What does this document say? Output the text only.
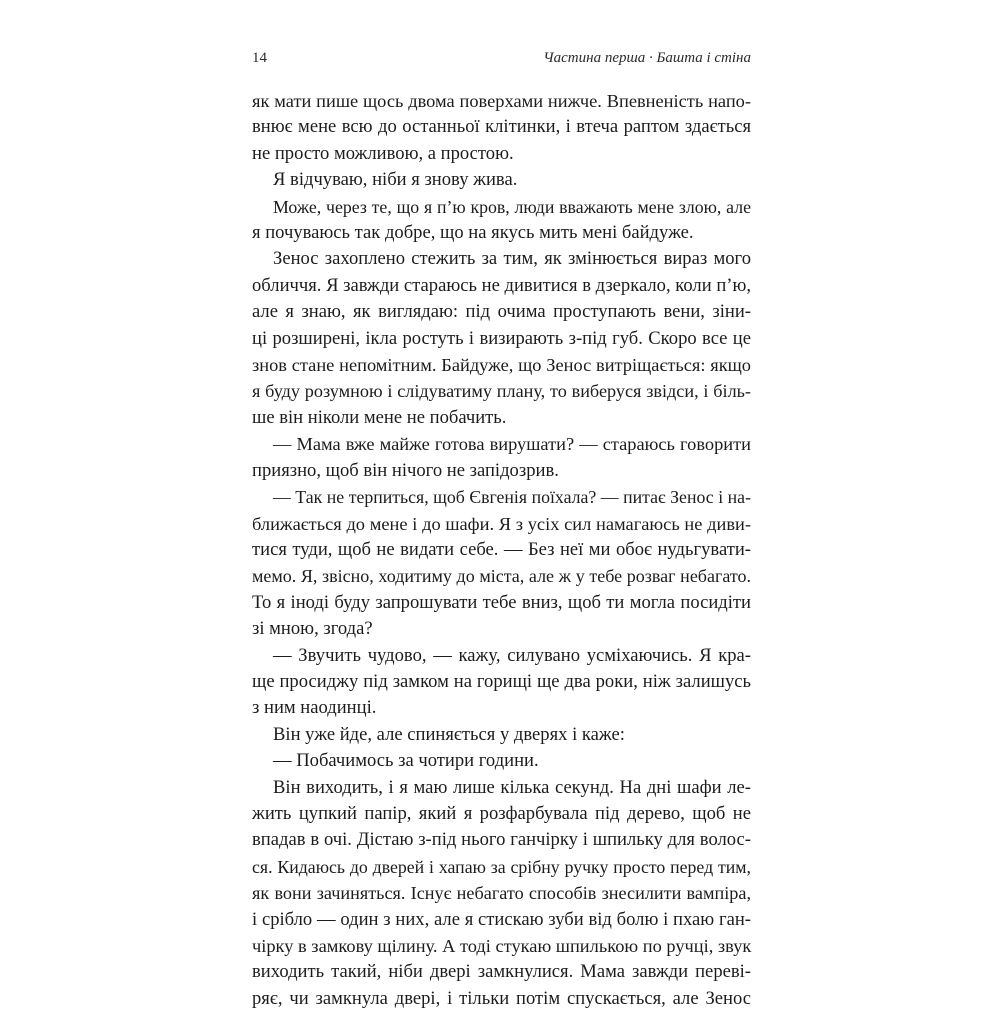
14	Частина перша · Башта і стіна

як мати пише щось двома поверхами нижче. Впевненість напо-

внює мене всю до останньої клітинки, і втеча раптом здається

не просто можливою, а простою.

Я відчуваю, ніби я знову жива.

Може, через те, що я п’ю кров, люди вважають мене злою, але

я почуваюсь так добре, що на якусь мить мені байдуже.

Зенос захоплено стежить за тим, як змінюється вираз мого

обличчя. Я завжди стараюсь не дивитися в дзеркало, коли п’ю,

але я знаю, як виглядаю: під очима проступають вени, зіни-

ці розширені, ікла ростуть і визирають з-під губ. Скоро все це

знов стане непомітним. Байдуже, що Зенос витріщається: якщо

я буду розумною і слідуватиму плану, то виберуся звідси, і біль-

ше він ніколи мене не побачить.

— Мама вже майже готова вирушати? — стараюсь говорити

приязно, щоб він нічого не запідозрив.

— Так не терпиться, щоб Євгенія поїхала? — питає Зенос і на-

ближається до мене і до шафи. Я з усіх сил намагаюсь не диви-

тися туди, щоб не видати себе. — Без неї ми обоє нудьгувати-

мемо. Я, звісно, ходитиму до міста, але ж у тебе розваг небагато.

То я іноді буду запрошувати тебе вниз, щоб ти могла посидіти

зі мною, згода?

— Звучить чудово, — кажу, силувано усміхаючись. Я кра-

ще просиджу під замком на горищі ще два роки, ніж залишусь

з ним наодинці.

Він уже йде, але спиняється у дверях і каже:

— Побачимось за чотири години.

Він виходить, і я маю лише кілька секунд. На дні шафи ле-

жить цупкий папір, який я розфарбувала під дерево, щоб не

впадав в очі. Дістаю з-під нього ганчірку і шпильку для волос-

ся. Кидаюсь до дверей і хапаю за срібну ручку просто перед тим,

як вони зачиняться. Існує небагато способів знесилити вампіра,

і срібло — один з них, але я стискаю зуби від болю і пхаю ган-

чірку в замкову щілину. А тоді стукаю шпилькою по ручці, звук

виходить такий, ніби двері замкнулися. Мама завжди переві-

ряє, чи замкнула двері, і тільки потім спускається, але Зенос
